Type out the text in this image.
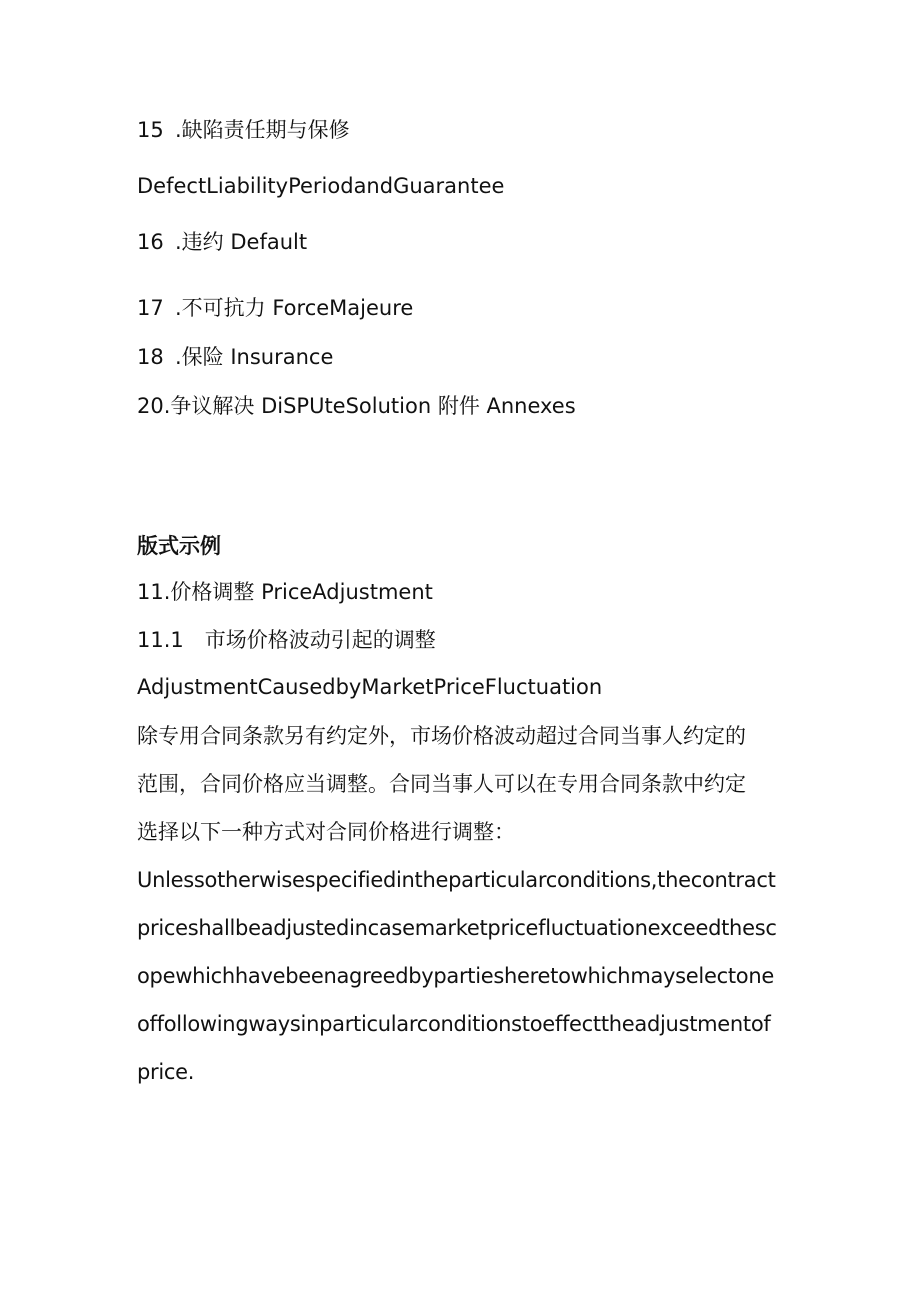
15 .缺陷责任期与保修

DefectLiabilityPeriodandGuarantee

16 .违约 Default

17 .不可抗力 ForceMajeure

18 .保险 Insurance

20.争议解决 DiSPUteSolution 附件 Annexes

版式示例

11.价格调整 PriceAdjustment

11.1　市场价格波动引起的调整

AdjustmentCausedbyMarketPriceFluctuation

除专用合同条款另有约定外，市场价格波动超过合同当事人约定的

范围，合同价格应当调整。合同当事人可以在专用合同条款中约定

选择以下一种方式对合同价格进行调整：

Unlessotherwisespecifiedintheparticularconditions,thecontract

priceshallbeadjustedincasemarketpricefluctuationexceedthesc

opewhichhavebeenagreedbypartiesheretowhichmayselectone

offollowingwaysinparticularconditionstoeffecttheadjustmentof

price.
